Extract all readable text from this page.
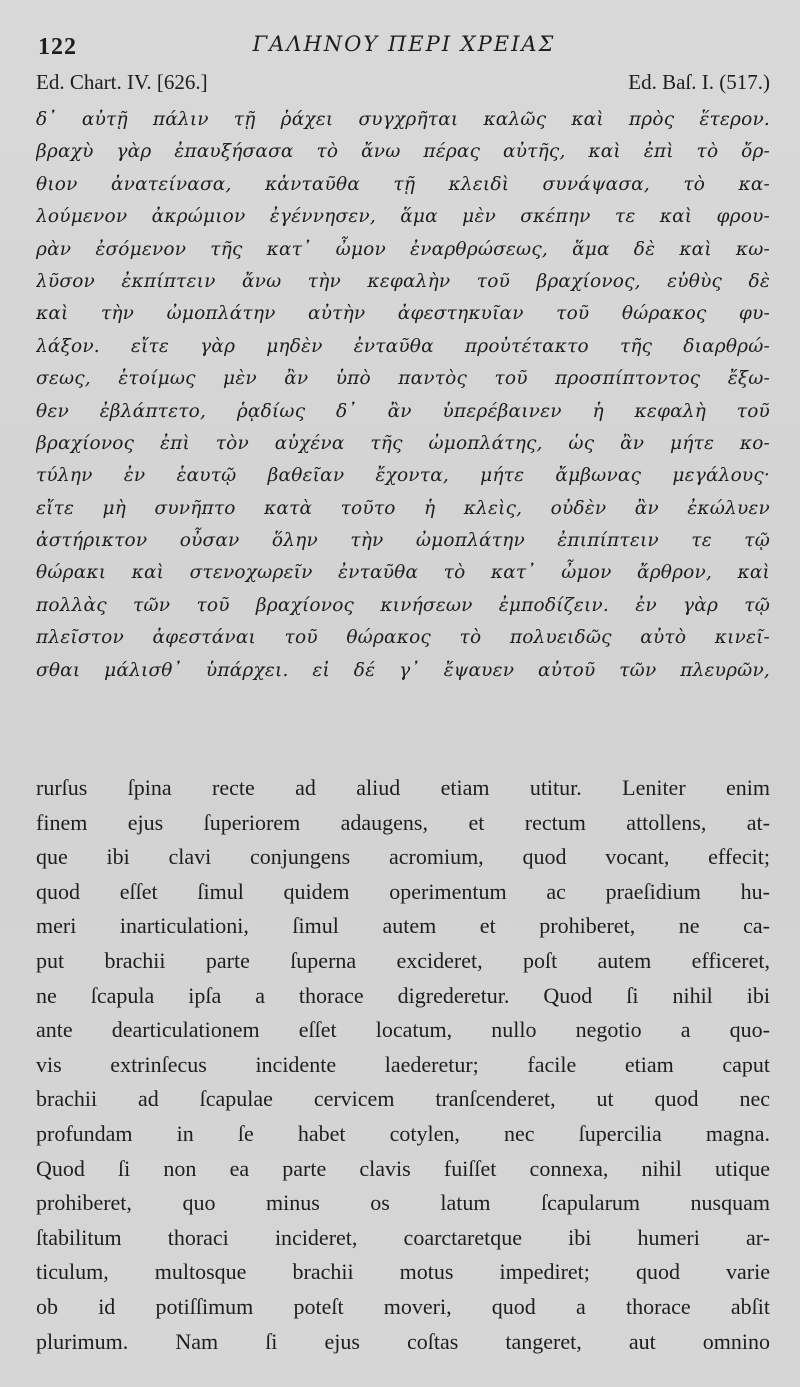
122	ΓΑΛΗΝΟΥ ΠΕΡΙ ΧΡΕΙΑΣ
Ed. Chart. IV. [626.]	Ed. Baſ. I. (517.)
δ᾽ αὐτῇ πάλιν τῇ ῥάχει συγχρῆται καλῶς καὶ πρὸς ἕτερον.
βραχὺ γὰρ ἐπαυξήσασα τὸ ἄνω πέρας αὐτῆς, καὶ ἐπὶ τὸ ὄρ-
θιον ἀνατείνασα, κἀνταῦθα τῇ κλειδὶ συνάψασα, τὸ κα-
λούμενον ἀκρώμιον ἐγέννησεν, ἅμα μὲν σκέπην τε καὶ φρου-
ρὰν ἐσόμενον τῆς κατ᾽ ὦμον ἐναρθρώσεως, ἅμα δὲ καὶ κω-
λῦσον ἐκπίπτειν ἄνω τὴν κεφαλὴν τοῦ βραχίονος, εὐθὺς δὲ
καὶ τὴν ὠμοπλάτην αὐτὴν ἀφεστηκυῖαν τοῦ θώρακος φυ-
λάξον. εἴτε γὰρ μηδὲν ἐνταῦθα προὐτέτακτο τῆς διαρθρώ-
σεως, ἑτοίμως μὲν ἂν ὑπὸ παντὸς τοῦ προσπίπτοντος ἔξω-
θεν ἐβλάπτετο, ῥᾳδίως δ᾽ ἂν ὑπερέβαινεν ἡ κεφαλὴ τοῦ
βραχίονος ἐπὶ τὸν αὐχένα τῆς ὠμοπλάτης, ὡς ἂν μήτε κο-
τύλην ἐν ἑαυτῷ βαθεῖαν ἔχοντα, μήτε ἄμβωνας μεγάλους·
εἴτε μὴ συνῆπτο κατὰ τοῦτο ἡ κλεὶς, οὐδὲν ἂν ἐκώλυεν
ἀστήρικτον οὖσαν ὅλην τὴν ὠμοπλάτην ἐπιπίπτειν τε τῷ
θώρακι καὶ στενοχωρεῖν ἐνταῦθα τὸ κατ᾽ ὦμον ἄρθρον, καὶ
πολλὰς τῶν τοῦ βραχίονος κινήσεων ἐμποδίζειν. ἐν γὰρ τῷ
πλεῖστον ἀφεστάναι τοῦ θώρακος τὸ πολυειδῶς αὐτὸ κινεῖ-
σθαι μάλισθ᾽ ὑπάρχει. εἰ δέ γ᾽ ἔψαυεν αὐτοῦ τῶν πλευρῶν,
rurſus ſpina recte ad aliud etiam utitur. Leniter enim
finem ejus ſuperiorem adaugens, et rectum attollens, at-
que ibi clavi conjungens acromium, quod vocant, effecit;
quod eſſet ſimul quidem operimentum ac praeſidium hu-
meri inarticulationi, ſimul autem et prohiberet, ne ca-
put brachii parte ſuperna excideret, poſt autem efficeret,
ne ſcapula ipſa a thorace digrederetur. Quod ſi nihil ibi
ante dearticulationem eſſet locatum, nullo negotio a quo-
vis extrinſecus incidente laederetur; facile etiam caput
brachii ad ſcapulae cervicem tranſcenderet, ut quod nec
profundam in ſe habet cotylen, nec ſupercilia magna.
Quod ſi non ea parte clavis fuiſſet connexa, nihil utique
prohiberet, quo minus os latum ſcapularum nusquam
ſtabilitum thoraci incideret, coarctaretque ibi humeri ar-
ticulum, multosque brachii motus impediret; quod varie
ob id potiſſimum poteſt moveri, quod a thorace abſit
plurimum. Nam ſi ejus coſtas tangeret, aut omnino
